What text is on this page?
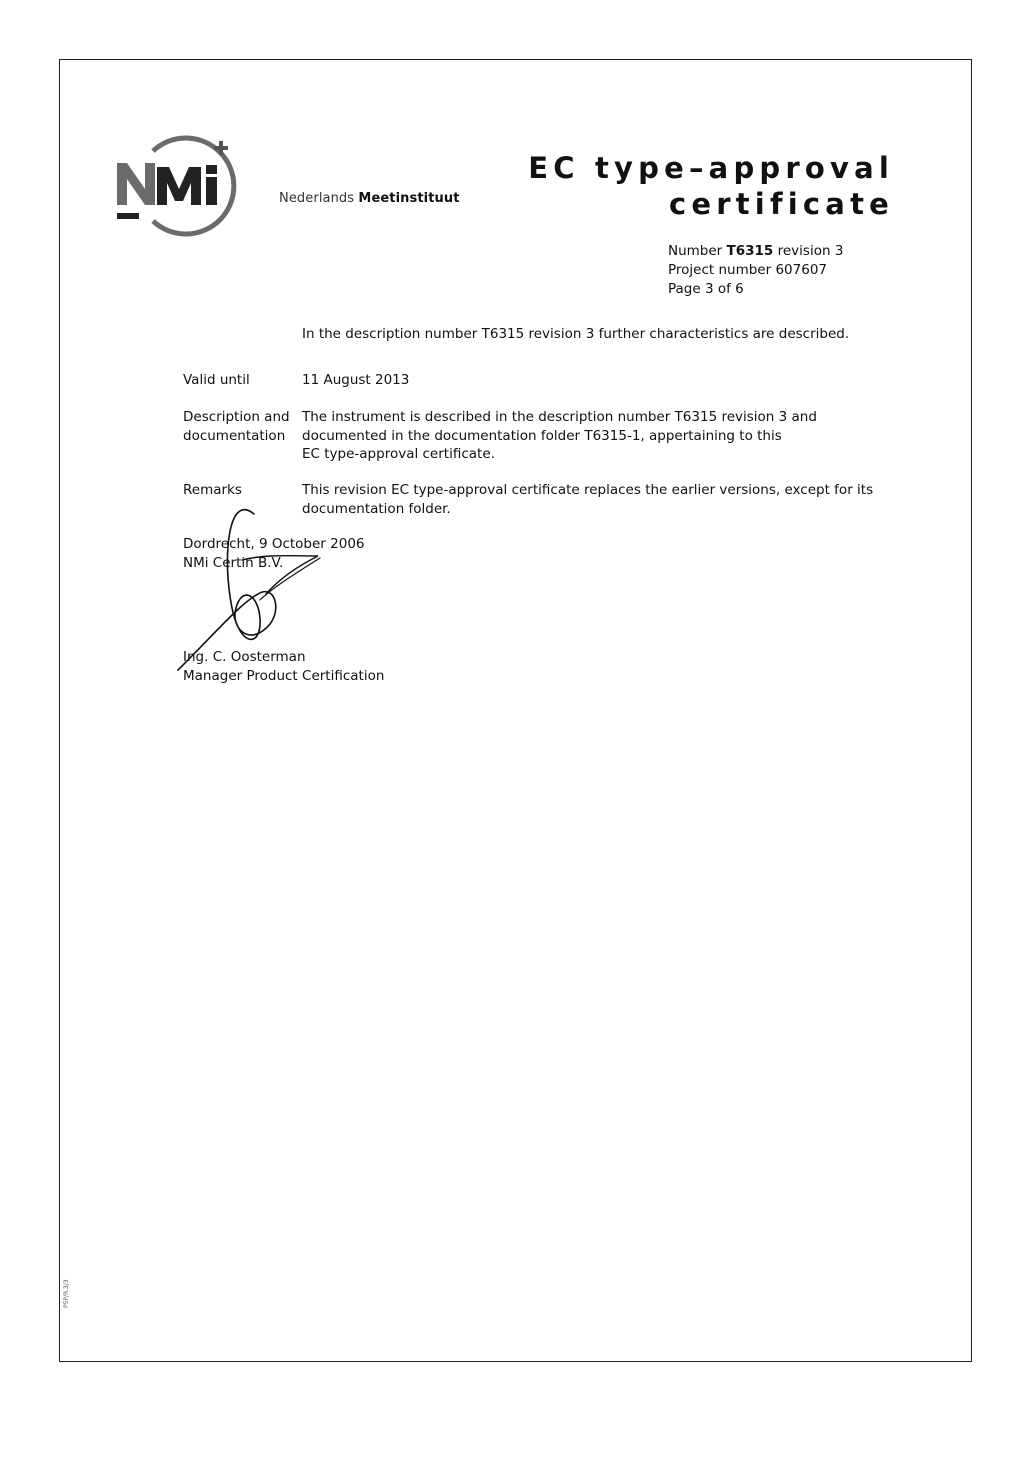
Nederlands Meetinstituut
EC type–approval
certificate
Number T6315 revision 3
Project number 607607
Page 3 of 6
In the description number T6315 revision 3 further characteristics are described.
Valid until	11 August 2013
Description and
documentation
The instrument is described in the description number T6315 revision 3 and
documented in the documentation folder T6315-1, appertaining to this
EC type-approval certificate.
Remarks	This revision EC type-approval certificate replaces the earlier versions, except for its
documentation folder.
Dordrecht, 9 October 2006
NMi Certin B.V.
Ing. C. Oosterman
Manager Product Certification
P5P/R.3/3
